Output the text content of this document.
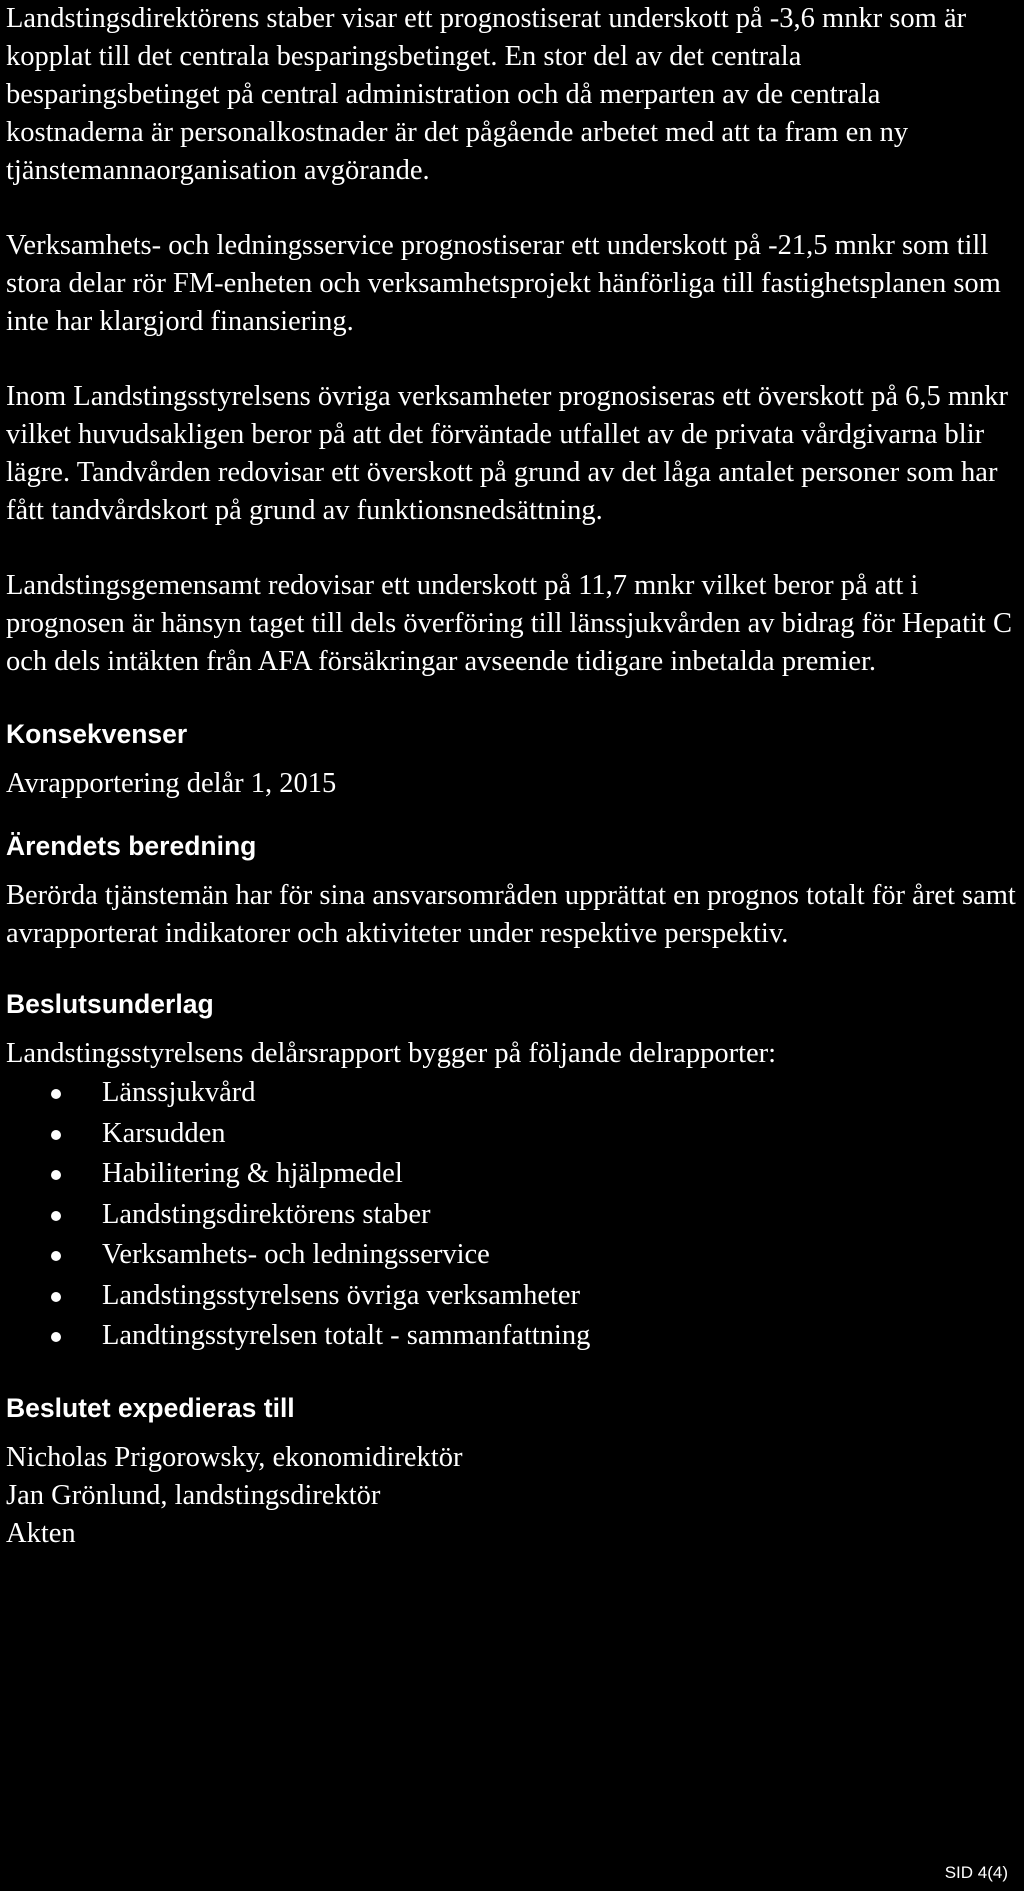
Landstingsdirektörens staber visar ett prognostiserat underskott på -3,6 mnkr som är kopplat till det centrala besparingsbetinget. En stor del av det centrala besparingsbetinget på central administration och då merparten av de centrala kostnaderna är personalkostnader är det pågående arbetet med att ta fram en ny tjänstemannaorganisation avgörande.

Verksamhets- och ledningsservice prognostiserar ett underskott på -21,5 mnkr som till stora delar rör FM-enheten och verksamhetsprojekt hänförliga till fastighetsplanen som inte har klargjord finansiering.

Inom Landstingsstyrelsens övriga verksamheter prognosiseras ett överskott på 6,5 mnkr vilket huvudsakligen beror på att det förväntade utfallet av de privata vårdgivarna blir lägre. Tandvården redovisar ett överskott på grund av det låga antalet personer som har fått tandvårdskort på grund av funktionsnedsättning.

Landstingsgemensamt redovisar ett underskott på 11,7 mnkr vilket beror på att i prognosen är hänsyn taget till dels överföring till länssjukvården av bidrag för Hepatit C och dels intäkten från AFA försäkringar avseende tidigare inbetalda premier.

Konsekvenser

Avrapportering delår 1, 2015

Ärendets beredning

Berörda tjänstemän har för sina ansvarsområden upprättat en prognos totalt för året samt avrapporterat indikatorer och aktiviteter under respektive perspektiv.

Beslutsunderlag

Landstingsstyrelsens delårsrapport bygger på följande delrapporter:

Länssjukvård
Karsudden
Habilitering & hjälpmedel
Landstingsdirektörens staber
Verksamhets- och ledningsservice
Landstingsstyrelsens övriga verksamheter
Landtingsstyrelsen totalt - sammanfattning
Beslutet expedieras till
Nicholas Prigorowsky, ekonomidirektör
Jan Grönlund, landstingsdirektör
Akten
SID 4(4)
